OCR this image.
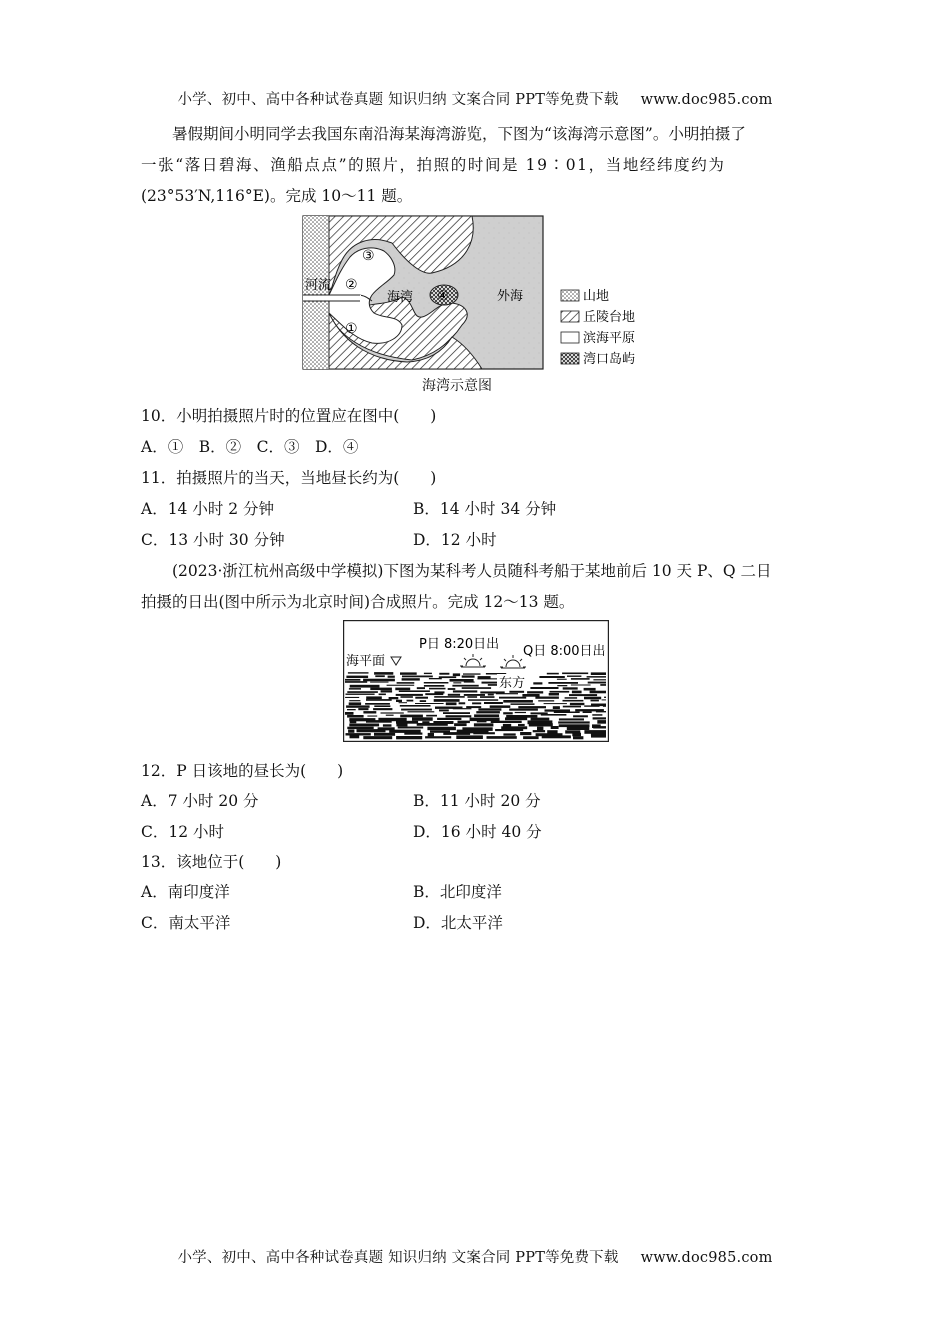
小学、初中、高中各种试卷真题 知识归纳 文案合同 PPT等免费下载 www.doc985.com
暑假期间小明同学去我国东南沿海某海湾游览，下图为“该海湾示意图”。小明拍摄了
一张“落日碧海、渔船点点”的照片，拍照的时间是 19∶01，当地经纬度约为
(23°53′N,116°E)。完成 10～11 题。
河流
海湾	外海
①
②
③
④	山地
丘陵台地
滨海平原
湾口岛屿
海湾示意图
10．小明拍摄照片时的位置应在图中(　　)
A．①　B．②　C．③　D．④
11．拍摄照片的当天，当地昼长约为(　　)
A．14 小时 2 分钟	B．14 小时 34 分钟
C．13 小时 30 分钟	D．12 小时
(2023·浙江杭州高级中学模拟)下图为某科考人员随科考船于某地前后 10 天 P、Q 二日
拍摄的日出(图中所示为北京时间)合成照片。完成 12～13 题。
海平面
P日 8:20日出 Q日 8:00日出
东方
12．P 日该地的昼长为(　　)
A．7 小时 20 分	B．11 小时 20 分
C．12 小时	D．16 小时 40 分
13．该地位于(　　)
A．南印度洋	B．北印度洋
C．南太平洋	D．北太平洋
小学、初中、高中各种试卷真题 知识归纳 文案合同 PPT等免费下载 www.doc985.com
